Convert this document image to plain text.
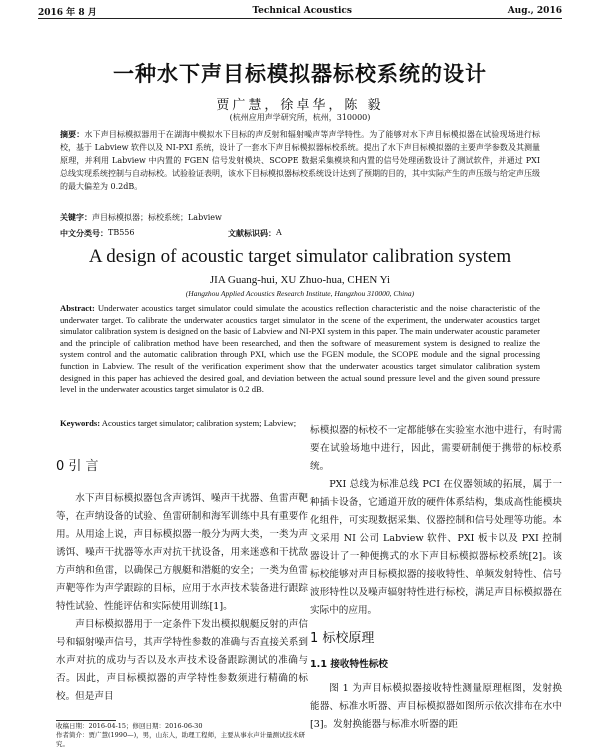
2016 年 8 月	Technical Acoustics	Aug., 2016
一种水下声目标模拟器标校系统的设计
贾广慧，徐卓华，陈 毅
(杭州应用声学研究所，杭州，310000)
摘要：水下声目标模拟器用于在湖海中模拟水下目标的声反射和辐射噪声等声学特性。为了能够对水下声目标模拟器在试验现场进行标校，基于 Labview 软件以及 NI-PXI 系统，设计了一套水下声目标模拟器标校系统。提出了水下声目标模拟器的主要声学参数及其测量原理，并利用 Labview 中内置的 FGEN 信号发射模块、SCOPE 数据采集模块和内置的信号处理函数设计了测试软件，并通过 PXI 总线实现系统控制与自动标校。试验验证表明，该水下目标模拟器标校系统设计达到了预期的目的，其中实际产生的声压级与给定声压级的最大偏差为 0.2dB。
关键字：声目标模拟器；标校系统；Labview
中文分类号： TB556	文献标识码： A
A design of acoustic target simulator calibration system
JIA Guang-hui, XU Zhuo-hua, CHEN Yi
(Hangzhou Applied Acoustics Research Institute, Hangzhou 310000, China)
Abstract: Underwater acoustics target simulator could simulate the acoustics reflection characteristic and the noise characteristic of the underwater target. To calibrate the underwater acoustics target simulator in the scene of the experiment, the underwater acoustics target simulator calibration system is designed on the basic of Labview and NI-PXI system in this paper. The main underwater acoustic parameter and the principle of calibration method have been researched, and then the software of measurement system is designed to realize the system control and the automatic calibration through PXI, which use the FGEN module, the SCOPE module and the signal processing function in Labview. The result of the verification experiment show that the underwater acoustics target simulator calibration system designed in this paper has achieved the desired goal, and deviation between the actual sound pressure level and the given sound pressure level in the underwater acoustics target simulator is 0.2 dB.
Keywords: Acoustics target simulator; calibration system; Labview;
0 引 言

水下声目标模拟器包含声诱饵、噪声干扰器、鱼雷声靶等，在声纳设备的试验、鱼雷研制和海军训练中具有重要作用。从用途上说，声目标模拟器一般分为两大类，一类为声诱饵、噪声干扰器等水声对抗干扰设备，用来迷惑和干扰敌方声纳和鱼雷，以确保己方舰艇和潜艇的安全；一类为鱼雷声靶等作为声学跟踪的目标，应用于水声技术装备进行跟踪特性试验、性能评估和实际使用训练[1]。

声目标模拟器用于一定条件下发出模拟舰艇反射的声信号和辐射噪声信号，其声学特性参数的准确与否直接关系到水声对抗的成功与否以及水声技术设备跟踪测试的准确与否。因此，声目标模拟器的声学特性参数须进行精确的标校。但是声目

标模拟器的标校不一定都能够在实验室水池中进行，有时需要在试验场地中进行，因此，需要研制便于携带的标校系统。

PXI 总线为标准总线 PCI 在仪器领域的拓展，属于一种插卡设备，它通道开放的硬件体系结构，集成高性能模块化组件，可实现数据采集、仪器控制和信号处理等功能。本文采用 NI 公司 Labview 软件、PXI 板卡以及 PXI 控制器设计了一种便携式的水下声目标模拟器标校系统[2]。该标校能够对声目标模拟器的接收特性、单频发射特性、信号波形特性以及噪声辐射特性进行标校，满足声目标模拟器在实际中的应用。

1 标校原理
1.1 接收特性标校

图 1 为声目标模拟器接收特性测量原理框图，发射换能器、标准水听器、声目标模拟器如图所示依次排布在水中[3]。发射换能器与标准水听器的距

收稿日期：2016-04-15；修回日期：2016-06-30
作者简介：贾广慧(1990—)，男，山东人，助理工程师，主要从事水声计量测试技术研究。
